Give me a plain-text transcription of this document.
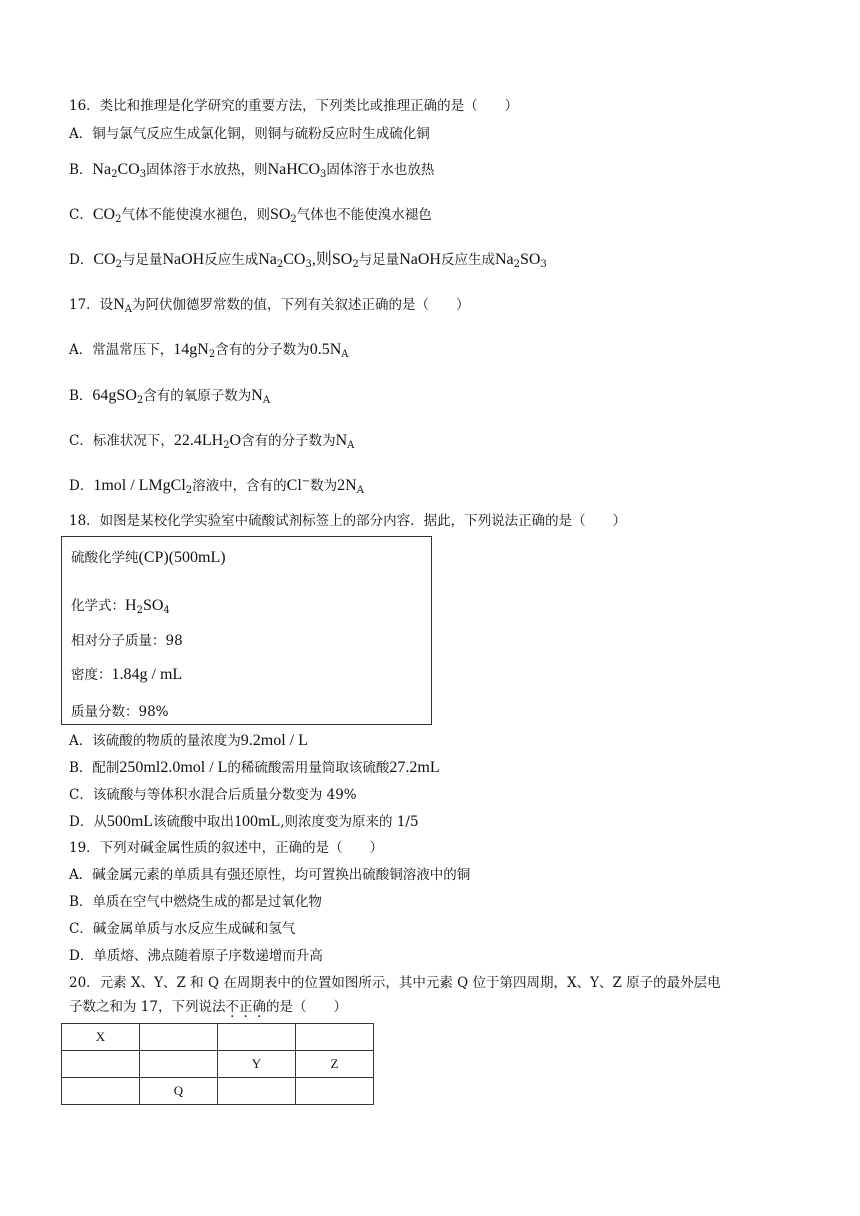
16．类比和推理是化学研究的重要方法，下列类比或推理正确的是（　　）
A．铜与氯气反应生成氯化铜，则铜与硫粉反应时生成硫化铜
B．$Na_2CO_3$固体溶于水放热，则NaHCO$_3$固体溶于水也放热
C．$CO_2$气体不能使溴水褪色，则$SO_2$气体也不能使溴水褪色
D．$CO_2$与足量NaOH反应生成$Na_2CO_3$,则$SO_2$与足量NaOH反应生成$Na_2SO_3$
17．设$N_A$为阿伏伽德罗常数的值，下列有关叙述正确的是（　　）
A．常温常压下，$14gN_2$含有的分子数为$0.5N_A$
B．64gSO$_2$含有的氧原子数为$N_A$
C．标准状况下，$22.4LH_2O$含有的分子数为$N_A$
D．1mol / LMgCl$_2$溶液中，含有的Cl−数为$2N_A$
18．如图是某校化学实验室中硫酸试剂标签上的部分内容．据此，下列说法正确的是（　　）
硫酸化学纯(CP)(500mL)
化学式：$H_2SO_4$
相对分子质量：98
密度：1.84g / mL
质量分数：98%
A．该硫酸的物质的量浓度为9.2mol / L
B．配制250ml2.0mol / L的稀硫酸需用量筒取该硫酸27.2mL
C．该硫酸与等体积水混合后质量分数变为 49%
D．从500mL该硫酸中取出100mL,则浓度变为原来的 1/5
19．下列对碱金属性质的叙述中，正确的是（　　）
A．碱金属元素的单质具有强还原性，均可置换出硫酸铜溶液中的铜
B．单质在空气中燃烧生成的都是过氧化物
C．碱金属单质与水反应生成碱和氢气
D．单质熔、沸点随着原子序数递增而升高
20．元素 X、Y、Z 和 Q 在周期表中的位置如图所示，其中元素 Q 位于第四周期，X、Y、Z 原子的最外层电
子数之和为 17，下列说法不正确的是（　　）
X			
		Y	Z
	Q		
